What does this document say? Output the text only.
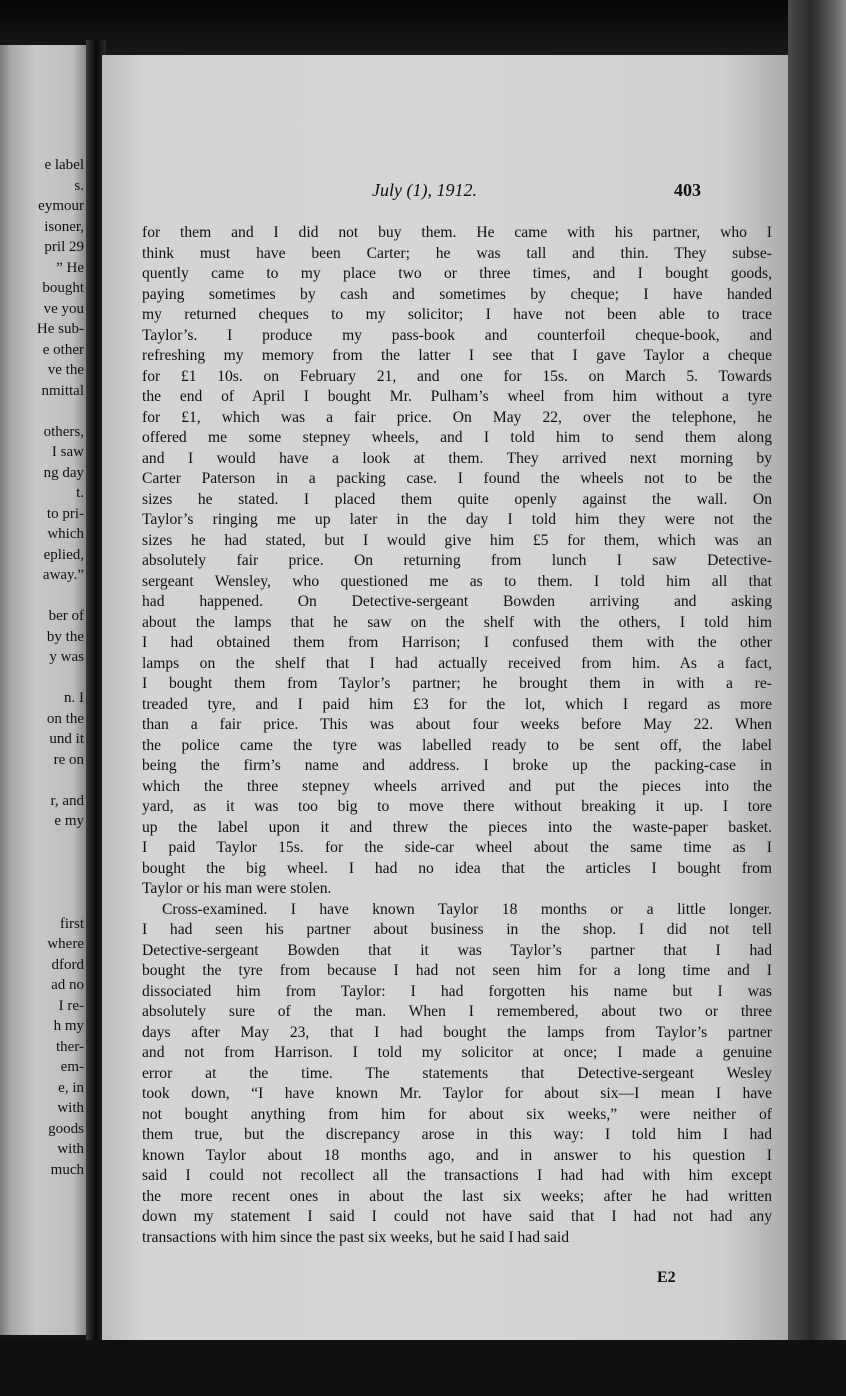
e label
s.
eymour
isoner,
pril 29
” He
bought
ve you
He sub-
e other
ve the
nmittal
others,
I saw
ng day
t.
to pri-
which
eplied,
away.”
ber of
by the
y was
n. I
on the
und it
re on
r, and
e my
first
where
dford
ad no
I re-
h my
ther-
em-
e, in
with
goods
with
much
July (1), 1912.	403
for them and I did not buy them. He came with his partner, who I
think must have been Carter; he was tall and thin. They subse-
quently came to my place two or three times, and I bought goods,
paying sometimes by cash and sometimes by cheque; I have handed
my returned cheques to my solicitor; I have not been able to trace
Taylor’s. I produce my pass-book and counterfoil cheque-book, and
refreshing my memory from the latter I see that I gave Taylor a cheque
for £1 10s. on February 21, and one for 15s. on March 5. Towards
the end of April I bought Mr. Pulham’s wheel from him without a tyre
for £1, which was a fair price. On May 22, over the telephone, he
offered me some stepney wheels, and I told him to send them along
and I would have a look at them. They arrived next morning by
Carter Paterson in a packing case. I found the wheels not to be the
sizes he stated. I placed them quite openly against the wall. On
Taylor’s ringing me up later in the day I told him they were not the
sizes he had stated, but I would give him £5 for them, which was an
absolutely fair price. On returning from lunch I saw Detective-
sergeant Wensley, who questioned me as to them. I told him all that
had happened. On Detective-sergeant Bowden arriving and asking
about the lamps that he saw on the shelf with the others, I told him
I had obtained them from Harrison; I confused them with the other
lamps on the shelf that I had actually received from him. As a fact,
I bought them from Taylor’s partner; he brought them in with a re-
treaded tyre, and I paid him £3 for the lot, which I regard as more
than a fair price. This was about four weeks before May 22. When
the police came the tyre was labelled ready to be sent off, the label
being the firm’s name and address. I broke up the packing-case in
which the three stepney wheels arrived and put the pieces into the
yard, as it was too big to move there without breaking it up. I tore
up the label upon it and threw the pieces into the waste-paper basket.
I paid Taylor 15s. for the side-car wheel about the same time as I
bought the big wheel. I had no idea that the articles I bought from
Taylor or his man were stolen.
Cross-examined. I have known Taylor 18 months or a little longer.
I had seen his partner about business in the shop. I did not tell
Detective-sergeant Bowden that it was Taylor’s partner that I had
bought the tyre from because I had not seen him for a long time and I
dissociated him from Taylor: I had forgotten his name but I was
absolutely sure of the man. When I remembered, about two or three
days after May 23, that I had bought the lamps from Taylor’s partner
and not from Harrison. I told my solicitor at once; I made a genuine
error at the time. The statements that Detective-sergeant Wesley
took down, “I have known Mr. Taylor for about six—I mean I have
not bought anything from him for about six weeks,” were neither of
them true, but the discrepancy arose in this way: I told him I had
known Taylor about 18 months ago, and in answer to his question I
said I could not recollect all the transactions I had had with him except
the more recent ones in about the last six weeks; after he had written
down my statement I said I could not have said that I had not had any
transactions with him since the past six weeks, but he said I had said
E2
